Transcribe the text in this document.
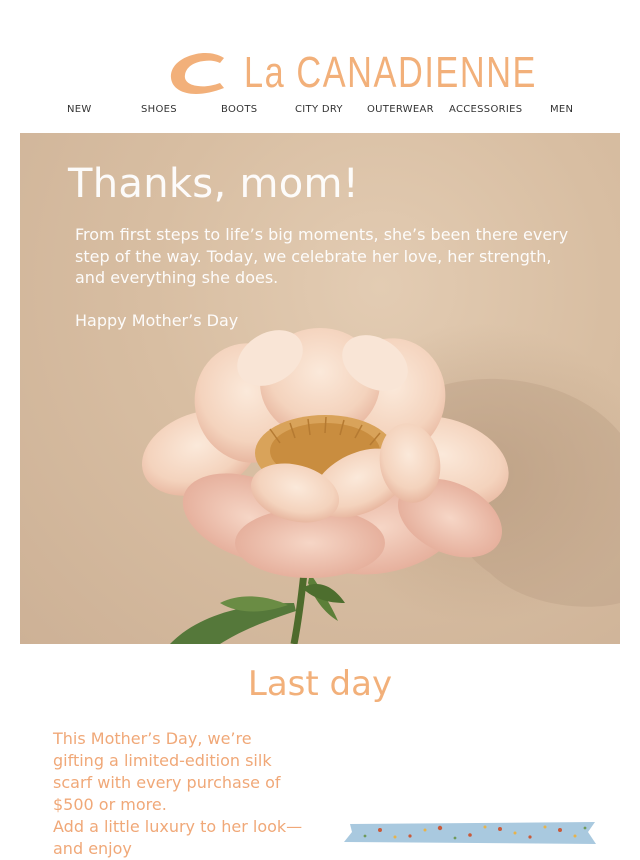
La CANADIENNE
NEW	SHOES	BOOTS	CITY DRY OUTERWEAR ACCESSORIES	MEN
Thanks, mom!
From first steps to life’s big moments, she’s been there every step of the way. Today, we celebrate her love, her strength, and everything she does.
Happy Mother’s Day
Last day

This Mother’s Day, we’re gifting a limited-edition silk scarf with every purchase of $500 or more.

Add a little luxury to her look—and enjoy
